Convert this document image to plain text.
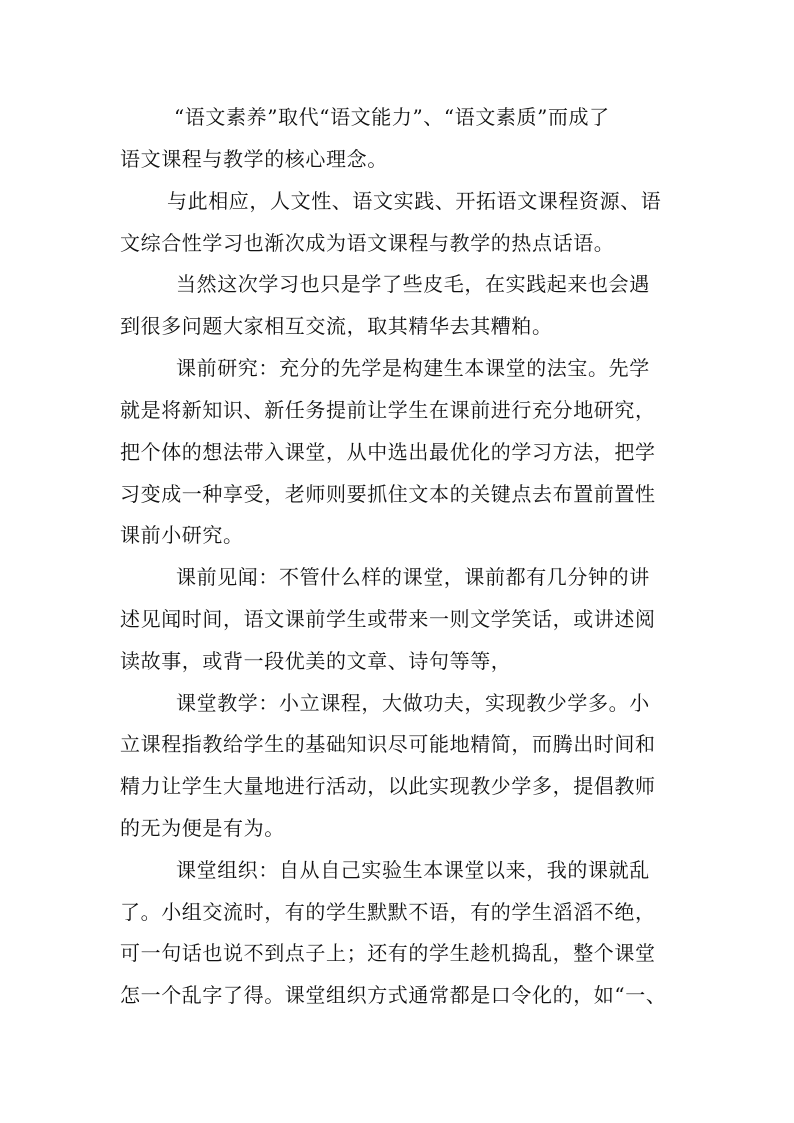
“语文素养”取代“语文能力”、“语文素质”而成了
语文课程与教学的核心理念。
与此相应，人文性、语文实践、开拓语文课程资源、语
文综合性学习也渐次成为语文课程与教学的热点话语。
当然这次学习也只是学了些皮毛，在实践起来也会遇
到很多问题大家相互交流，取其精华去其糟粕。
课前研究：充分的先学是构建生本课堂的法宝。先学
就是将新知识、新任务提前让学生在课前进行充分地研究，
把个体的想法带入课堂，从中选出最优化的学习方法，把学
习变成一种享受，老师则要抓住文本的关键点去布置前置性
课前小研究。
课前见闻：不管什么样的课堂，课前都有几分钟的讲
述见闻时间，语文课前学生或带来一则文学笑话，或讲述阅
读故事，或背一段优美的文章、诗句等等，
课堂教学：小立课程，大做功夫，实现教少学多。小
立课程指教给学生的基础知识尽可能地精简，而腾出时间和
精力让学生大量地进行活动，以此实现教少学多，提倡教师
的无为便是有为。
课堂组织：自从自己实验生本课堂以来，我的课就乱
了。小组交流时，有的学生默默不语，有的学生滔滔不绝，
可一句话也说不到点子上；还有的学生趁机捣乱，整个课堂
怎一个乱字了得。课堂组织方式通常都是口令化的，如“一、
